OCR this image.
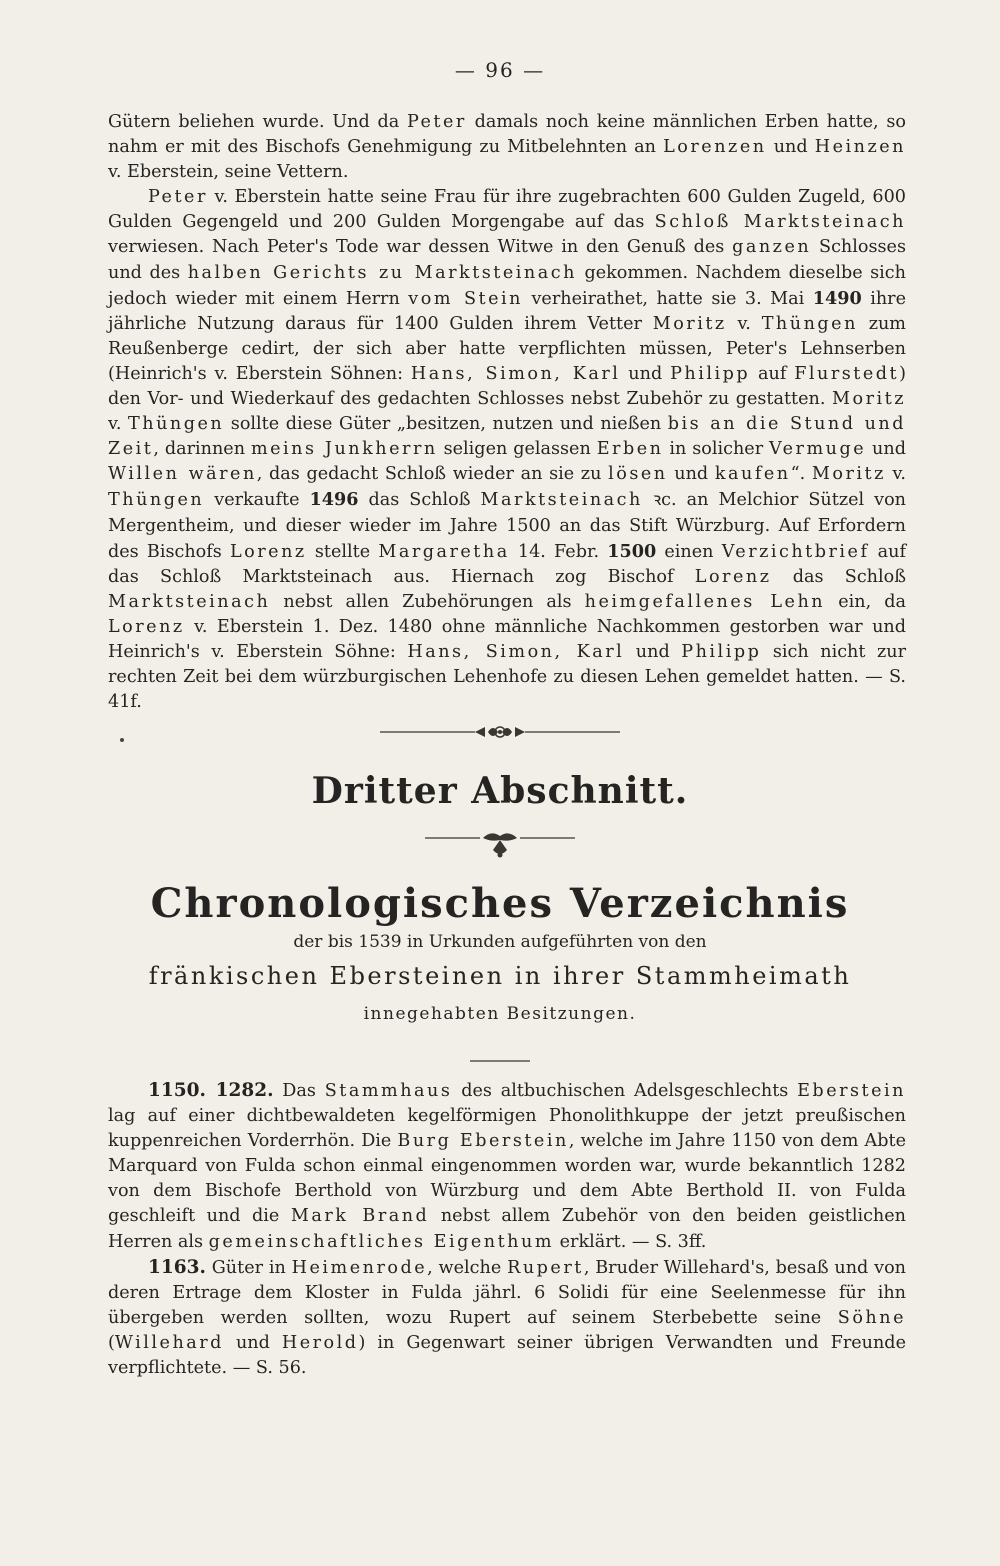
— 96 —

Gütern beliehen wurde. Und da Peter damals noch keine männlichen Erben hatte, so nahm er mit des Bischofs Genehmigung zu Mitbelehnten an Lorenzen und Heinzen v. Eberstein, seine Vettern.

Peter v. Eberstein hatte seine Frau für ihre zugebrachten 600 Gulden Zugeld, 600 Gulden Gegengeld und 200 Gulden Morgengabe auf das Schloß Marktsteinach verwiesen. Nach Peter's Tode war dessen Witwe in den Genuß des ganzen Schlosses und des halben Gerichts zu Marktsteinach gekommen. Nachdem dieselbe sich jedoch wieder mit einem Herrn vom Stein verheirathet, hatte sie 3. Mai 1490 ihre jährliche Nutzung daraus für 1400 Gulden ihrem Vetter Moritz v. Thüngen zum Reußenberge cedirt, der sich aber hatte verpflichten müssen, Peter's Lehnserben (Heinrich's v. Eberstein Söhnen: Hans, Simon, Karl und Philipp auf Flurstedt) den Vor- und Wiederkauf des gedachten Schlosses nebst Zubehör zu gestatten. Moritz v. Thüngen sollte diese Güter „besitzen, nutzen und nießen bis an die Stund und Zeit, darinnen meins Junkherrn seligen gelassen Erben in solicher Vermuge und Willen wären, das gedacht Schloß wieder an sie zu lösen und kaufen“. Moritz v. Thüngen verkaufte 1496 das Schloß Marktsteinach ꝛc. an Melchior Sützel von Mergentheim, und dieser wieder im Jahre 1500 an das Stift Würzburg. Auf Erfordern des Bischofs Lorenz stellte Margaretha 14. Febr. 1500 einen Verzichtbrief auf das Schloß Marktsteinach aus. Hiernach zog Bischof Lorenz das Schloß Marktsteinach nebst allen Zubehörungen als heimgefallenes Lehn ein, da Lorenz v. Eberstein 1. Dez. 1480 ohne männliche Nachkommen gestorben war und Heinrich's v. Eberstein Söhne: Hans, Simon, Karl und Philipp sich nicht zur rechten Zeit bei dem würzburgischen Lehenhofe zu diesen Lehen gemeldet hatten. — S. 41f.

Dritter Abschnitt.
Chronologisches Verzeichnis
der bis 1539 in Urkunden aufgeführten von den
fränkischen Ebersteinen in ihrer Stammheimath
innegehabten Besitzungen.

1150. 1282. Das Stammhaus des altbuchischen Adelsgeschlechts Eberstein lag auf einer dichtbewaldeten kegelförmigen Phonolithkuppe der jetzt preußischen kuppenreichen Vorderrhön. Die Burg Eberstein, welche im Jahre 1150 von dem Abte Marquard von Fulda schon einmal eingenommen worden war, wurde bekanntlich 1282 von dem Bischofe Berthold von Würzburg und dem Abte Berthold II. von Fulda geschleift und die Mark Brand nebst allem Zubehör von den beiden geistlichen Herren als gemeinschaftliches Eigenthum erklärt. — S. 3ff.

1163. Güter in Heimenrode, welche Rupert, Bruder Willehard's, besaß und von deren Ertrage dem Kloster in Fulda jährl. 6 Solidi für eine Seelenmesse für ihn übergeben werden sollten, wozu Rupert auf seinem Sterbebette seine Söhne (Willehard und Herold) in Gegenwart seiner übrigen Verwandten und Freunde verpflichtete. — S. 56.
